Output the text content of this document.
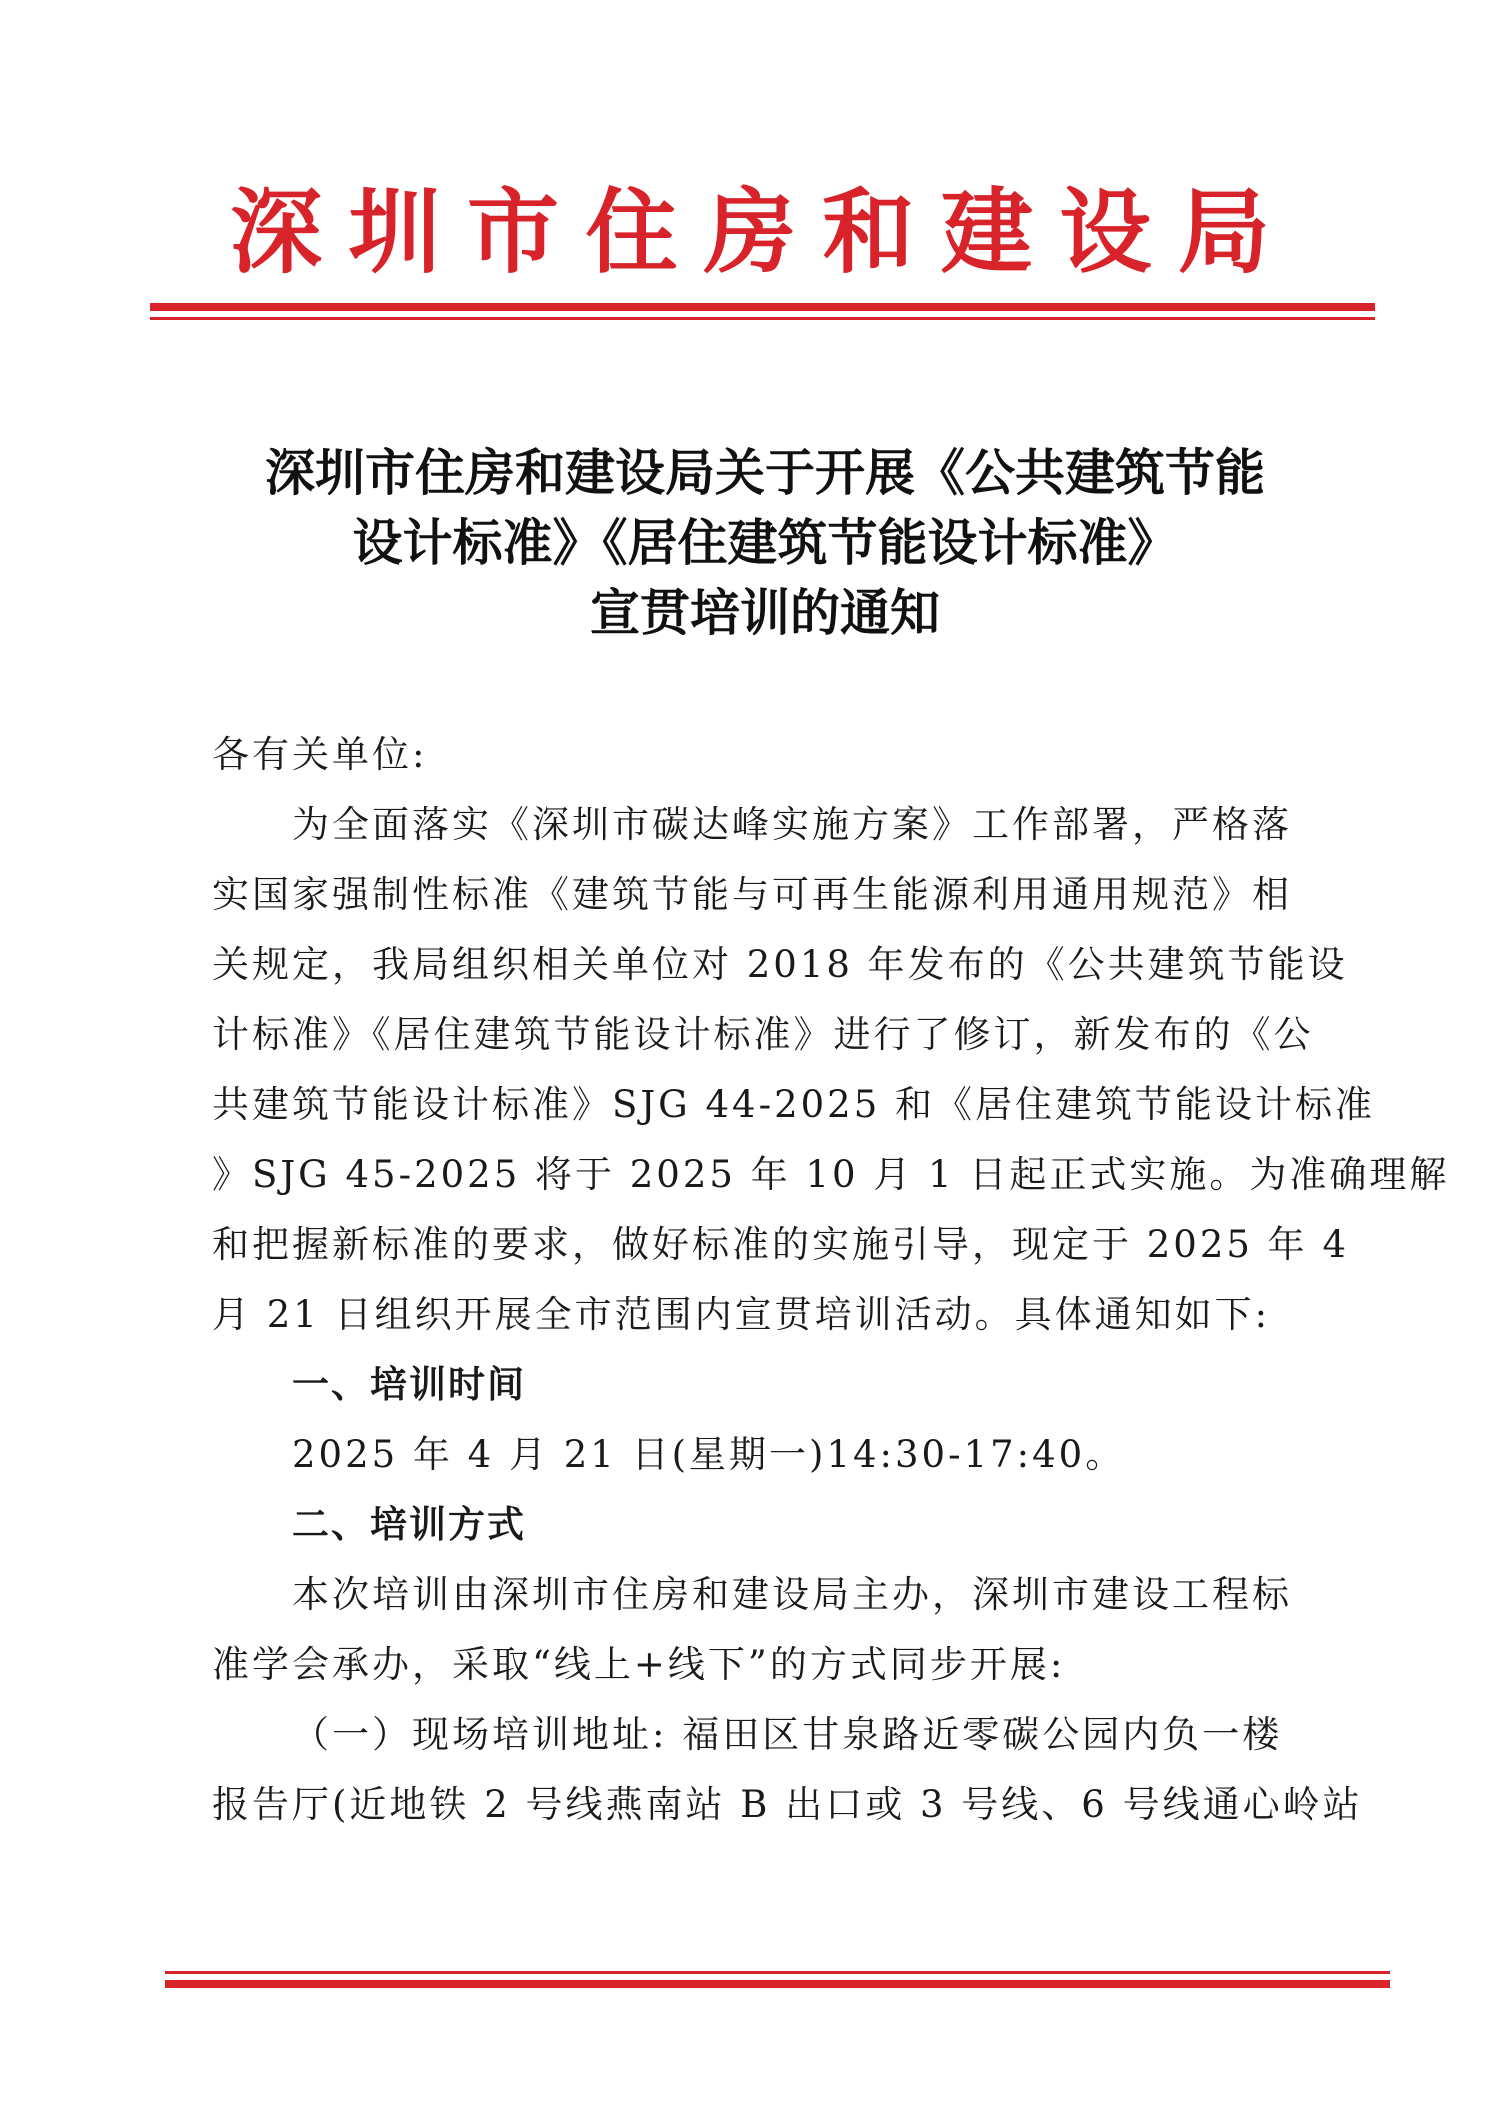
深 圳 市 住 房 和 建 设 局
深圳市住房和建设局关于开展《公共建筑节能
设计标准》《居住建筑节能设计标准》
宣贯培训的通知
各有关单位:
为全面落实《深圳市碳达峰实施方案》工作部署，严格落
实国家强制性标准《建筑节能与可再生能源利用通用规范》相
关规定，我局组织相关单位对 2018 年发布的《公共建筑节能设
计标准》《居住建筑节能设计标准》进行了修订，新发布的《公
共建筑节能设计标准》SJG 44-2025 和《居住建筑节能设计标准
》SJG 45-2025 将于 2025 年 10 月 1 日起正式实施。为准确理解
和把握新标准的要求，做好标准的实施引导，现定于 2025 年 4
月 21 日组织开展全市范围内宣贯培训活动。具体通知如下:
一、培训时间
2025 年 4 月 21 日(星期一)14:30-17:40。
二、培训方式
本次培训由深圳市住房和建设局主办，深圳市建设工程标
准学会承办，采取“线上+线下”的方式同步开展:
（一）现场培训地址: 福田区甘泉路近零碳公园内负一楼
报告厅(近地铁 2 号线燕南站 B 出口或 3 号线、6 号线通心岭站
